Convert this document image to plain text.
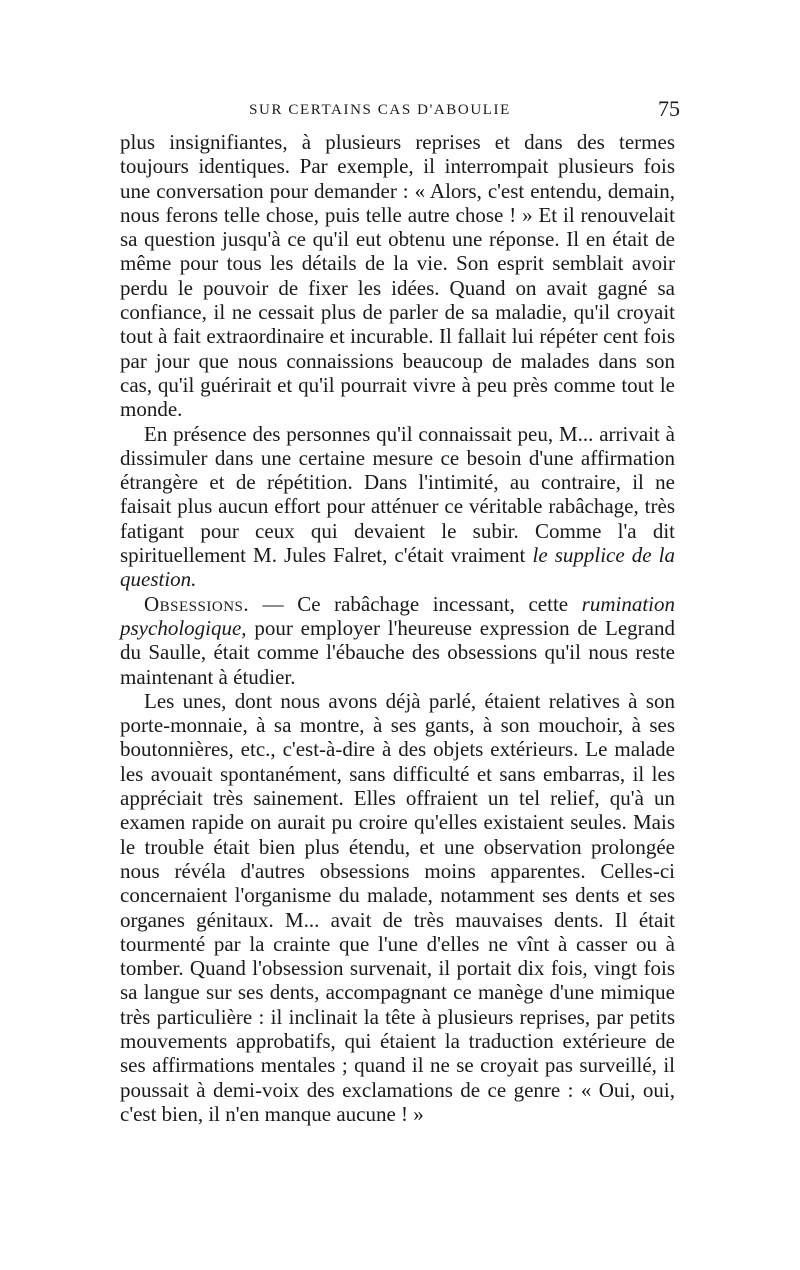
SUR CERTAINS CAS D'ABOULIE	75

plus insignifiantes, à plusieurs reprises et dans des termes toujours identiques. Par exemple, il interrompait plusieurs fois une conversation pour demander : « Alors, c'est entendu, demain, nous ferons telle chose, puis telle autre chose ! » Et il renouvelait sa question jusqu'à ce qu'il eut obtenu une réponse. Il en était de même pour tous les détails de la vie. Son esprit semblait avoir perdu le pouvoir de fixer les idées. Quand on avait gagné sa confiance, il ne cessait plus de parler de sa maladie, qu'il croyait tout à fait extraordinaire et incurable. Il fallait lui répéter cent fois par jour que nous connaissions beaucoup de malades dans son cas, qu'il guérirait et qu'il pourrait vivre à peu près comme tout le monde.

En présence des personnes qu'il connaissait peu, M... arrivait à dissimuler dans une certaine mesure ce besoin d'une affirmation étrangère et de répétition. Dans l'intimité, au contraire, il ne faisait plus aucun effort pour atténuer ce véritable rabâchage, très fatigant pour ceux qui devaient le subir. Comme l'a dit spirituellement M. Jules Falret, c'était vraiment le supplice de la question.

Obsessions. — Ce rabâchage incessant, cette rumination psychologique, pour employer l'heureuse expression de Legrand du Saulle, était comme l'ébauche des obsessions qu'il nous reste maintenant à étudier.

Les unes, dont nous avons déjà parlé, étaient relatives à son porte-monnaie, à sa montre, à ses gants, à son mouchoir, à ses boutonnières, etc., c'est-à-dire à des objets extérieurs. Le malade les avouait spontanément, sans difficulté et sans embarras, il les appréciait très sainement. Elles offraient un tel relief, qu'à un examen rapide on aurait pu croire qu'elles existaient seules. Mais le trouble était bien plus étendu, et une observation prolongée nous révéla d'autres obsessions moins apparentes. Celles-ci concernaient l'organisme du malade, notamment ses dents et ses organes génitaux. M... avait de très mauvaises dents. Il était tourmenté par la crainte que l'une d'elles ne vînt à casser ou à tomber. Quand l'obsession survenait, il portait dix fois, vingt fois sa langue sur ses dents, accompagnant ce manège d'une mimique très particulière : il inclinait la tête à plusieurs reprises, par petits mouvements approbatifs, qui étaient la traduction extérieure de ses affirmations mentales ; quand il ne se croyait pas surveillé, il poussait à demi-voix des exclamations de ce genre : « Oui, oui, c'est bien, il n'en manque aucune ! »
